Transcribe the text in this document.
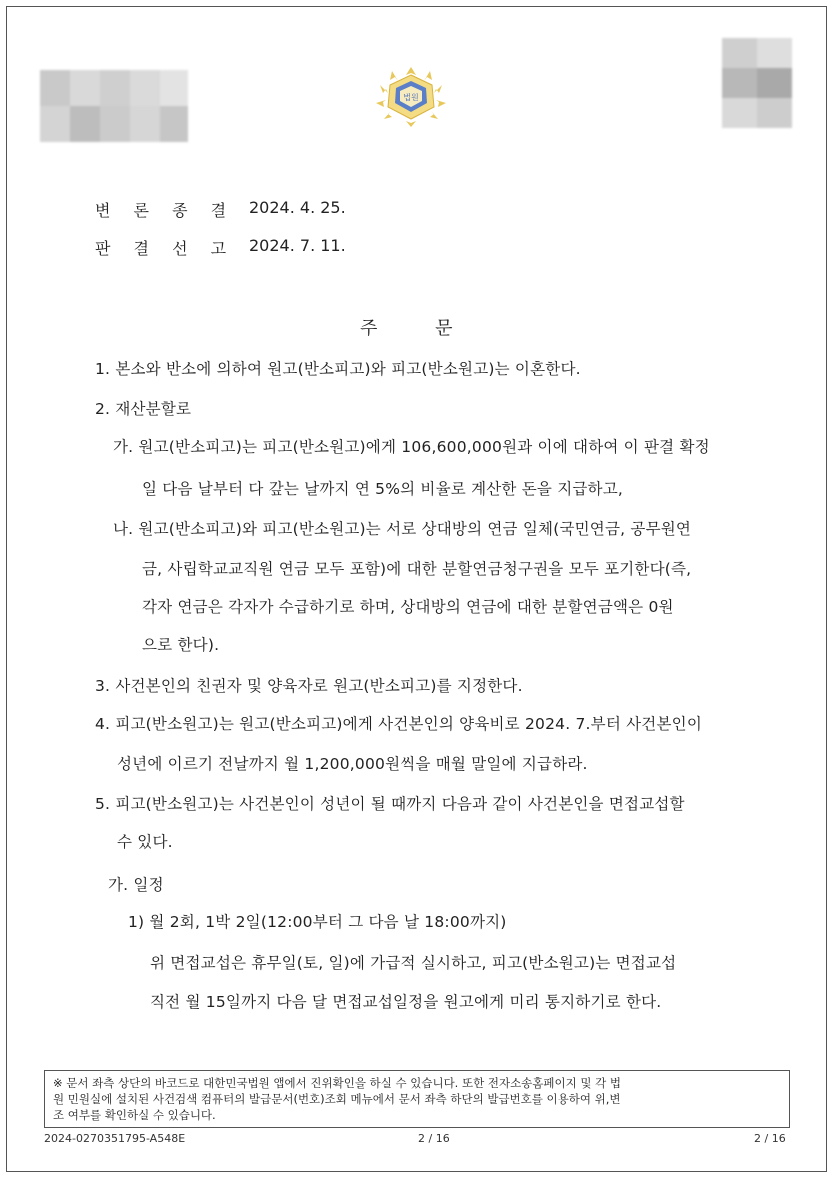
법원
변 론 종 결 2024. 4. 25.
판 결 선 고 2024. 7. 11.
주	문
1. 본소와 반소에 의하여 원고(반소피고)와 피고(반소원고)는 이혼한다.
2. 재산분할로
가. 원고(반소피고)는 피고(반소원고)에게 106,600,000원과 이에 대하여 이 판결 확정
일 다음 날부터 다 갚는 날까지 연 5%의 비율로 계산한 돈을 지급하고,
나. 원고(반소피고)와 피고(반소원고)는 서로 상대방의 연금 일체(국민연금, 공무원연
금, 사립학교교직원 연금 모두 포함)에 대한 분할연금청구권을 모두 포기한다(즉,
각자 연금은 각자가 수급하기로 하며, 상대방의 연금에 대한 분할연금액은 0원
으로 한다).
3. 사건본인의 친권자 및 양육자로 원고(반소피고)를 지정한다.
4. 피고(반소원고)는 원고(반소피고)에게 사건본인의 양육비로 2024. 7.부터 사건본인이
성년에 이르기 전날까지 월 1,200,000원씩을 매월 말일에 지급하라.
5. 피고(반소원고)는 사건본인이 성년이 될 때까지 다음과 같이 사건본인을 면접교섭할
수 있다.
가. 일정
1) 월 2회, 1박 2일(12:00부터 그 다음 날 18:00까지)
위 면접교섭은 휴무일(토, 일)에 가급적 실시하고, 피고(반소원고)는 면접교섭
직전 월 15일까지 다음 달 면접교섭일정을 원고에게 미리 통지하기로 한다.
※ 문서 좌측 상단의 바코드로 대한민국법원 앱에서 진위확인을 하실 수 있습니다. 또한 전자소송홈페이지 및 각 법
원 민원실에 설치된 사건검색 컴퓨터의 발급문서(번호)조회 메뉴에서 문서 좌측 하단의 발급번호를 이용하여 위,변
조 여부를 확인하실 수 있습니다.
2024-0270351795-A548E	2 / 16	2 / 16
